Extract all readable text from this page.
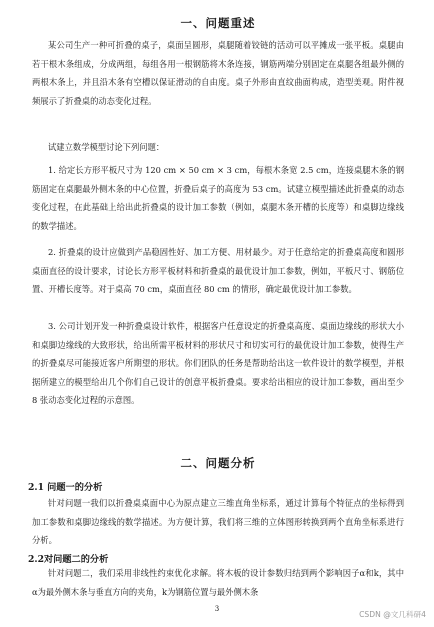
一、问题重述
某公司生产一种可折叠的桌子，桌面呈圆形，桌腿随着铰链的活动可以平摊成一张平板。桌腿由若干根木条组成，分成两组，每组各用一根钢筋将木条连接，钢筋两端分别固定在桌腿各组最外侧的两根木条上，并且沿木条有空槽以保证滑动的自由度。桌子外形由直纹曲面构成，造型美观。附件视频展示了折叠桌的动态变化过程。
试建立数学模型讨论下列问题：
1. 给定长方形平板尺寸为 120 cm × 50 cm × 3 cm，每根木条宽 2.5 cm，连接桌腿木条的钢筋固定在桌腿最外侧木条的中心位置，折叠后桌子的高度为 53 cm。试建立模型描述此折叠桌的动态变化过程，在此基础上给出此折叠桌的设计加工参数（例如，桌腿木条开槽的长度等）和桌脚边缘线的数学描述。
2. 折叠桌的设计应做到产品稳固性好、加工方便、用材最少。对于任意给定的折叠桌高度和圆形桌面直径的设计要求，讨论长方形平板材料和折叠桌的最优设计加工参数，例如，平板尺寸、钢筋位置、开槽长度等。对于桌高 70 cm，桌面直径 80 cm 的情形，确定最优设计加工参数。
3. 公司计划开发一种折叠桌设计软件，根据客户任意设定的折叠桌高度、桌面边缘线的形状大小和桌脚边缘线的大致形状，给出所需平板材料的形状尺寸和切实可行的最优设计加工参数，使得生产的折叠桌尽可能接近客户所期望的形状。你们团队的任务是帮助给出这一软件设计的数学模型，并根据所建立的模型给出几个你们自己设计的创意平板折叠桌。要求给出相应的设计加工参数，画出至少 8 张动态变化过程的示意图。
二、问题分析
2.1 问题一的分析
针对问题一我们以折叠桌桌面中心为原点建立三维直角坐标系，通过计算每个特征点的坐标得到加工参数和桌脚边缘线的数学描述。为方便计算，我们将三维的立体图形转换到两个直角坐标系进行分析。
2.2对问题二的分析
针对问题二，我们采用非线性约束优化求解。将木板的设计参数归结到两个影响因子α和k，其中α为最外侧木条与垂直方向的夹角，k为钢筋位置与最外侧木条
3
CSDN @文几科研4
